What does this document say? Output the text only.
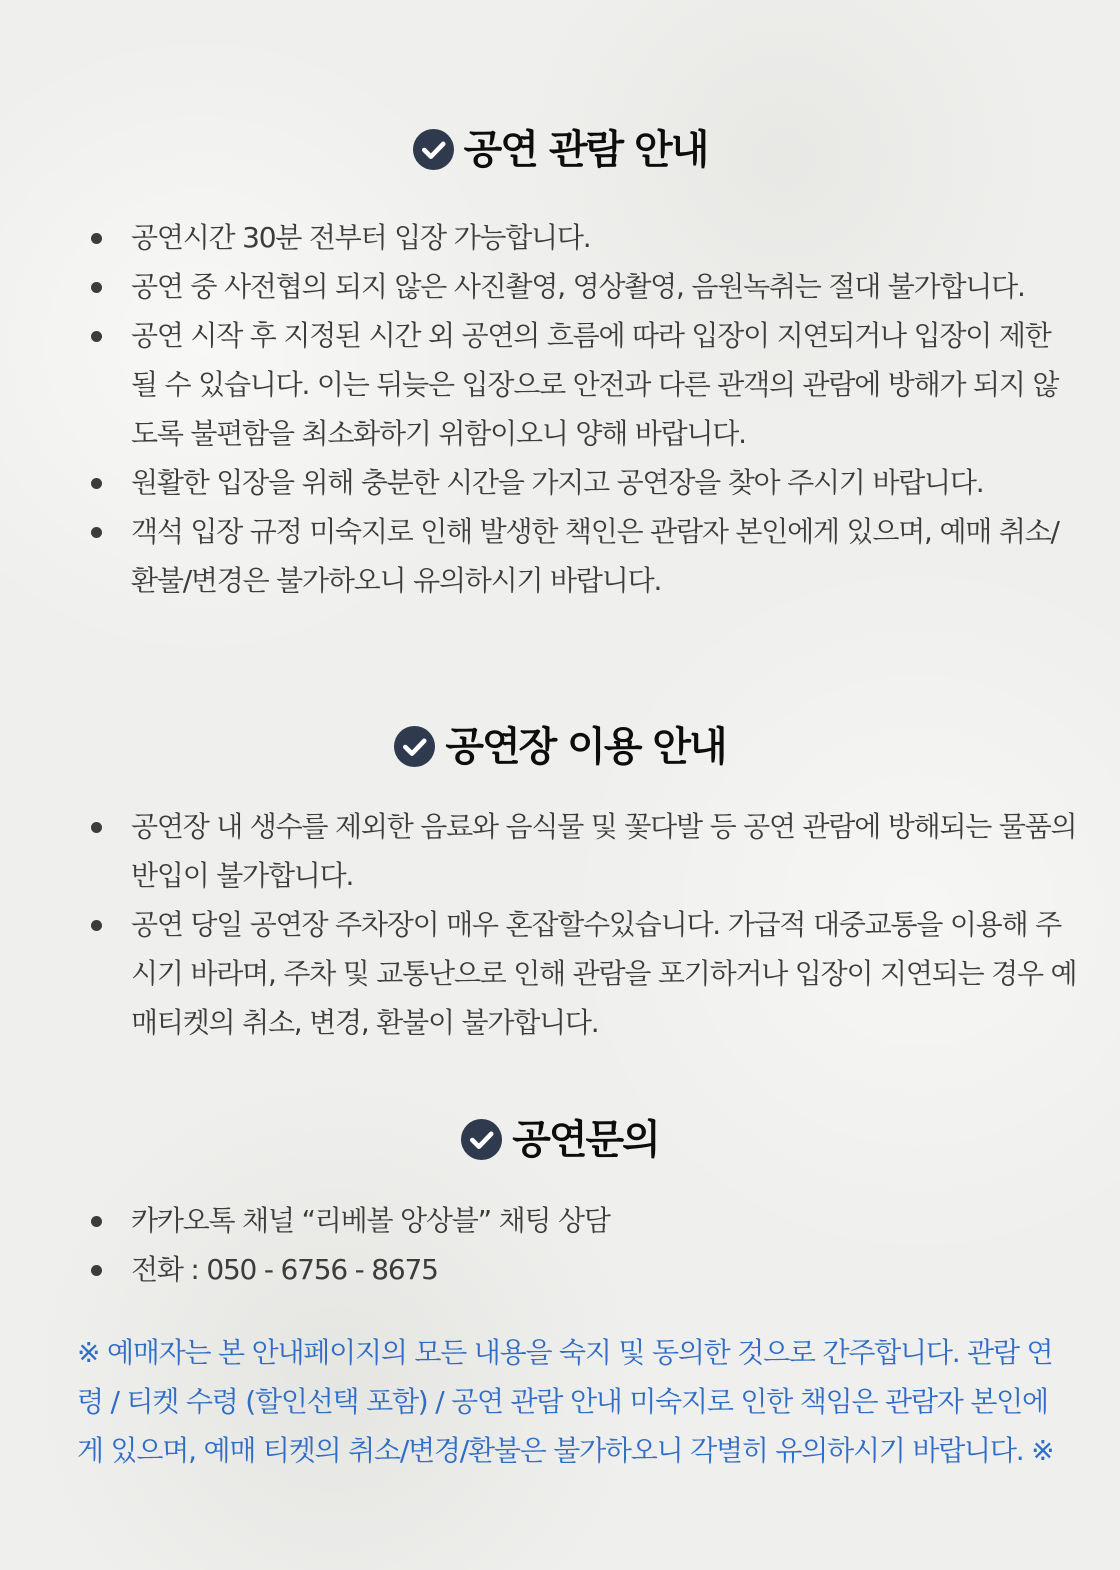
공연 관람 안내
공연시간 30분 전부터 입장 가능합니다.
공연 중 사전협의 되지 않은 사진촬영, 영상촬영, 음원녹취는 절대 불가합니다.
공연 시작 후 지정된 시간 외 공연의 흐름에 따라 입장이 지연되거나 입장이 제한 될 수 있습니다. 이는 뒤늦은 입장으로 안전과 다른 관객의 관람에 방해가 되지 않도록 불편함을 최소화하기 위함이오니 양해 바랍니다.
원활한 입장을 위해 충분한 시간을 가지고 공연장을 찾아 주시기 바랍니다.
객석 입장 규정 미숙지로 인해 발생한 책인은 관람자 본인에게 있으며, 예매 취소/환불/변경은 불가하오니 유의하시기 바랍니다.
공연장 이용 안내
공연장 내 생수를 제외한 음료와 음식물 및 꽃다발 등 공연 관람에 방해되는 물품의 반입이 불가합니다.
공연 당일 공연장 주차장이 매우 혼잡할수있습니다. 가급적 대중교통을 이용해 주시기 바라며, 주차 및 교통난으로 인해 관람을 포기하거나 입장이 지연되는 경우 예매티켓의 취소, 변경, 환불이 불가합니다.
공연문의
카카오톡 채널 “리베볼 앙상블” 채팅 상담
전화 : 050 - 6756 - 8675
※ 예매자는 본 안내페이지의 모든 내용을 숙지 및 동의한 것으로 간주합니다. 관람 연령 / 티켓 수령 (할인선택 포함) / 공연 관람 안내 미숙지로 인한 책임은 관람자 본인에게 있으며, 예매 티켓의 취소/변경/환불은 불가하오니 각별히 유의하시기 바랍니다. ※
